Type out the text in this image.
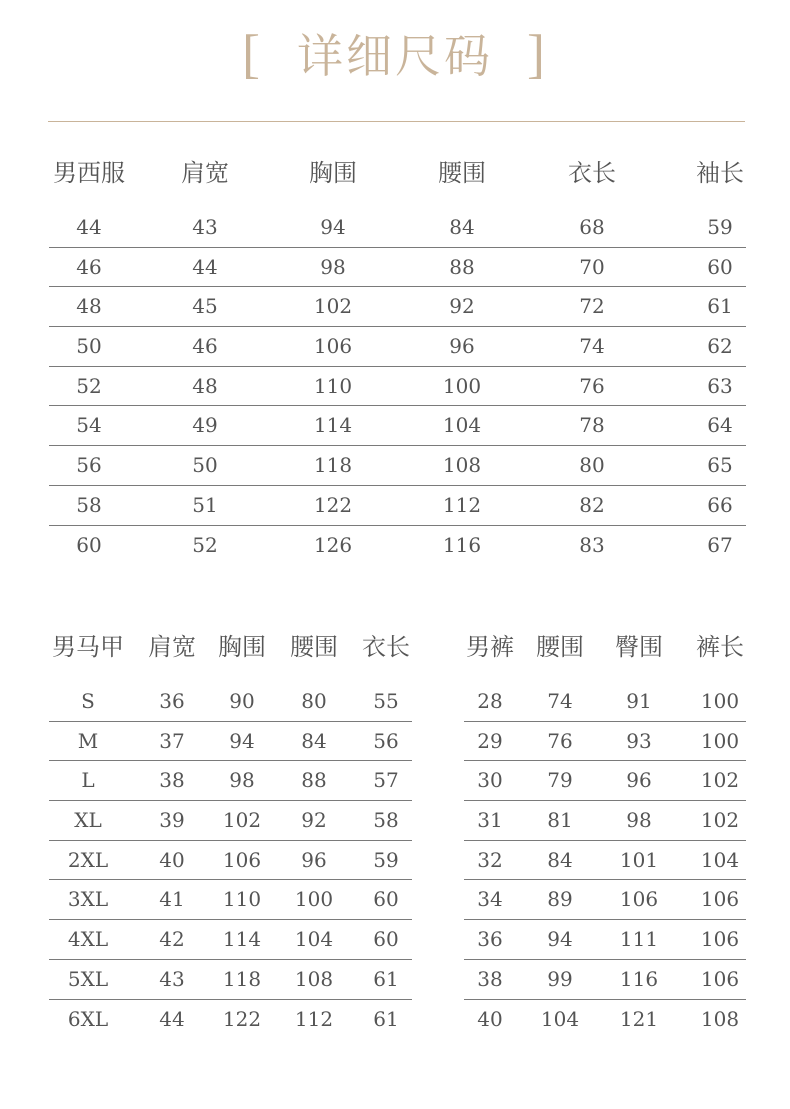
[ 详细尺码 ]
男西服 肩宽	胸围	腰围	衣长	袖长
44	43	94	84	68	59
46	44	98	88	70	60
48	45	102	92	72	61
50	46	106	96	74	62
52	48	110	100	76	63
54	49	114	104	78	64
56	50	118	108	80	65
58	51	122	112	82	66
60	52	126	116	83	67
男马甲 肩宽 胸围 腰围 衣长
S	36 90 80 55
M	37 94 84 56
L	38 98 88 57
XL	39 102 92 58
2XL	40 106 96 59
3XL	41 110 100 60
4XL	42 114 104 60
5XL	43 118 108 61
6XL	44 122 112 61
男裤 腰围 臀围 裤长
28 74	91 100
29 76	93 100
30 79	96 102
31 81	98 102
32 84 101 104
34 89 106 106
36 94 111 106
38 99 116 106
40 104 121 108
